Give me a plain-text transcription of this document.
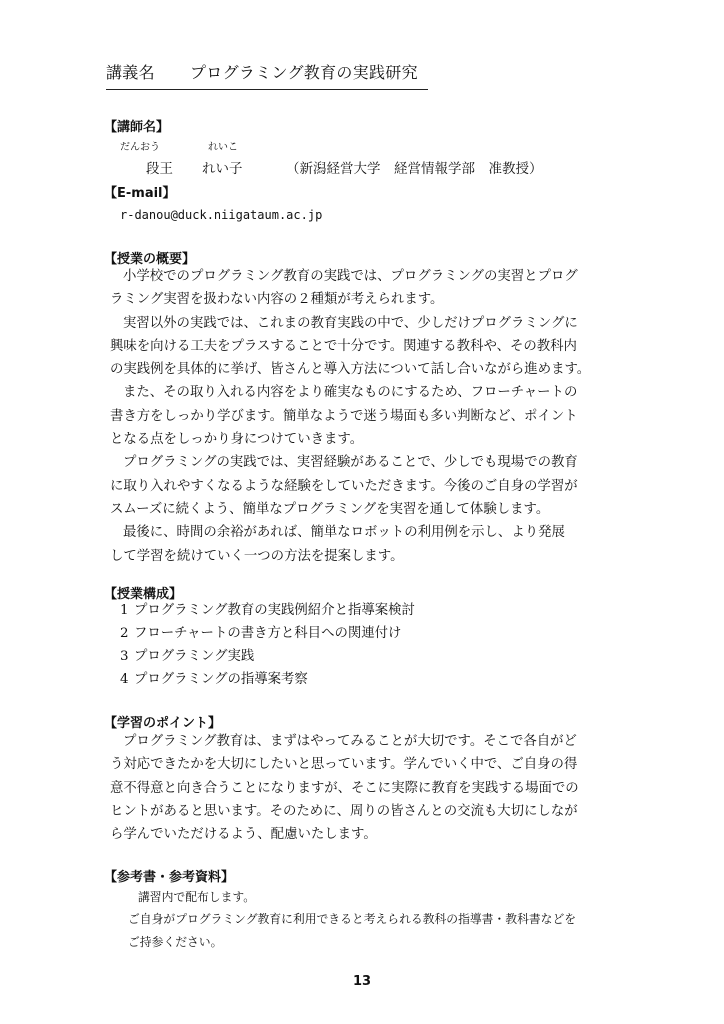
講義名 プログラミング教育の実践研究
【講師名】
だんおう	れいこ
段王 れい子	（新潟経営大学　経営情報学部　准教授）
【E-mail】
r-danou@duck.niigataum.ac.jp
【授業の概要】

小学校でのプログラミング教育の実践では、プログラミングの実習とプログ
ラミング実習を扱わない内容の２種類が考えられます。

実習以外の実践では、これまの教育実践の中で、少しだけプログラミングに
興味を向ける工夫をプラスすることで十分です。関連する教科や、その教科内
の実践例を具体的に挙げ、皆さんと導入方法について話し合いながら進めます。

また、その取り入れる内容をより確実なものにするため、フローチャートの
書き方をしっかり学びます。簡単なようで迷う場面も多い判断など、ポイント
となる点をしっかり身につけていきます。

プログラミングの実践では、実習経験があることで、少しでも現場での教育
に取り入れやすくなるような経験をしていただきます。今後のご自身の学習が
スムーズに続くよう、簡単なプログラミングを実習を通して体験します。

最後に、時間の余裕があれば、簡単なロボットの利用例を示し、より発展
して学習を続けていく一つの方法を提案します。

【授業構成】
1 プログラミング教育の実践例紹介と指導案検討
2 フローチャートの書き方と科目への関連付け
3 プログラミング実践
4 プログラミングの指導案考察
【学習のポイント】

プログラミング教育は、まずはやってみることが大切です。そこで各自がど
う対応できたかを大切にしたいと思っています。学んでいく中で、ご自身の得
意不得意と向き合うことになりますが、そこに実際に教育を実践する場面での
ヒントがあると思います。そのために、周りの皆さんとの交流も大切にしなが
ら学んでいただけるよう、配慮いたします。

【参考書・参考資料】
講習内で配布します。
ご自身がプログラミング教育に利用できると考えられる教科の指導書・教科書などを
ご持参ください。
13
